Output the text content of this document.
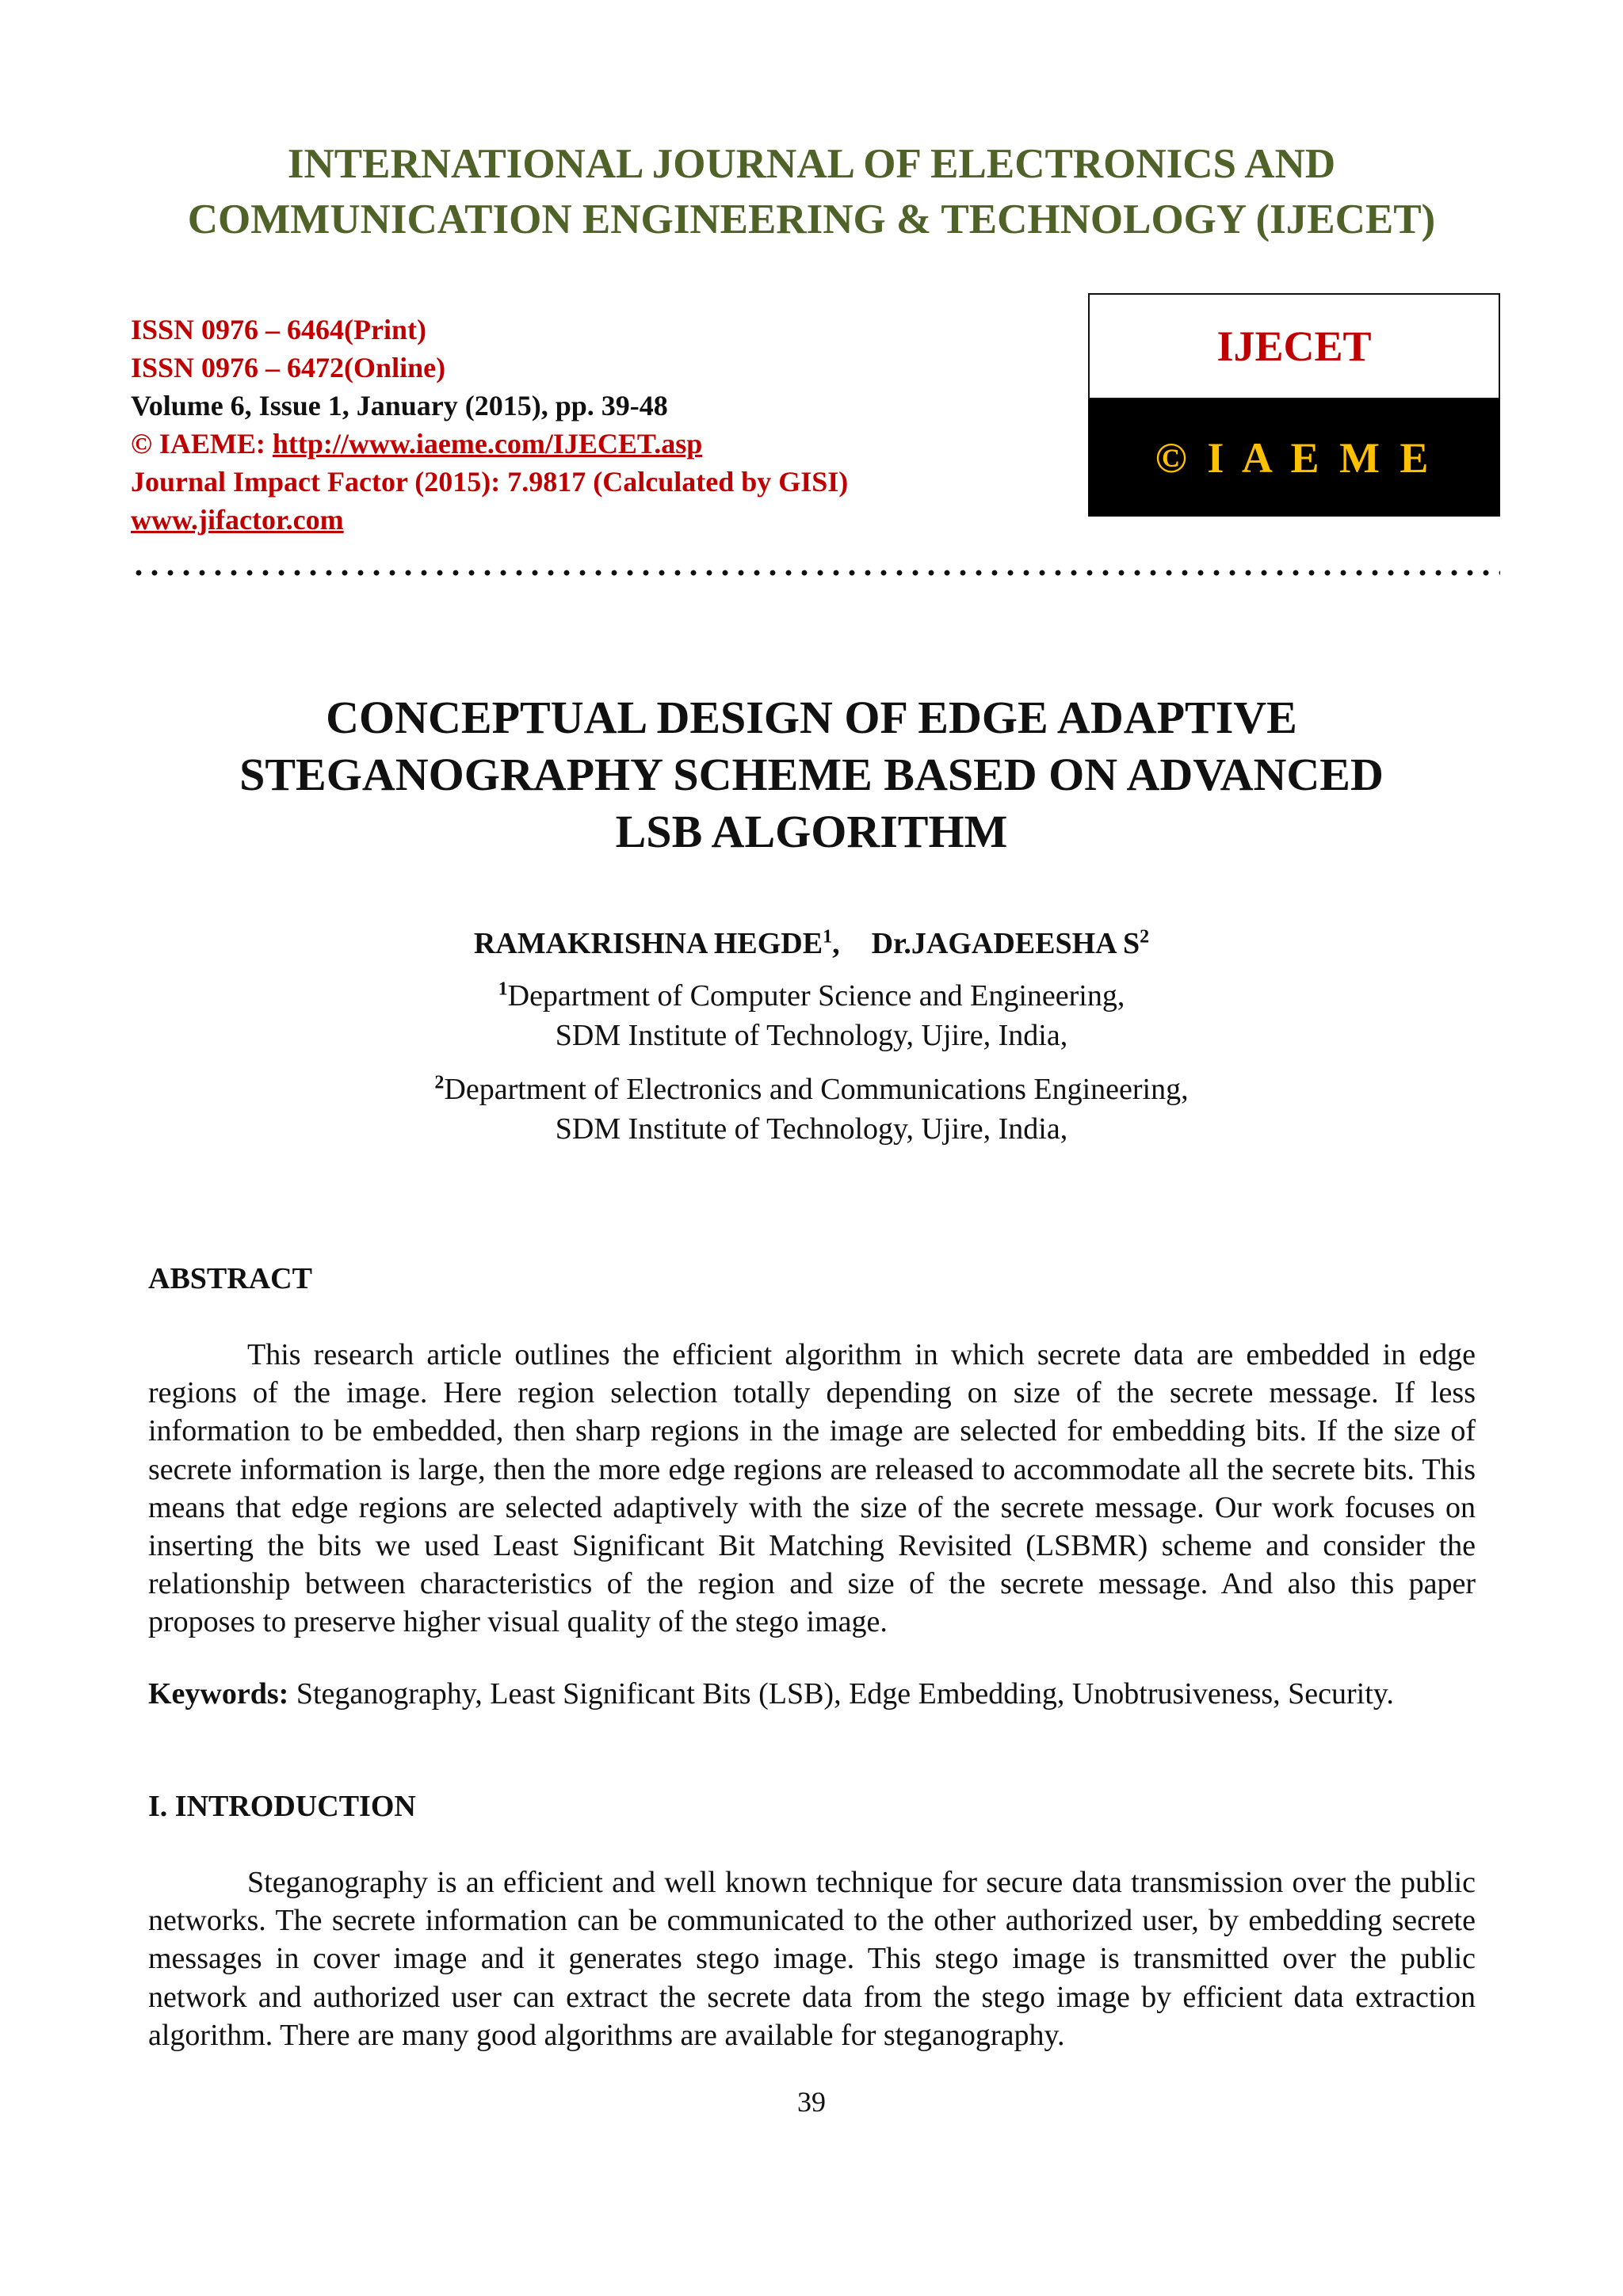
INTERNATIONAL JOURNAL OF ELECTRONICS AND
COMMUNICATION ENGINEERING & TECHNOLOGY (IJECET)
ISSN 0976 – 6464(Print)
ISSN 0976 – 6472(Online)
Volume 6, Issue 1, January (2015), pp. 39-48
© IAEME: http://www.iaeme.com/IJECET.asp
Journal Impact Factor (2015): 7.9817 (Calculated by GISI)
www.jifactor.com
IJECET
© I A E M E
CONCEPTUAL DESIGN OF EDGE ADAPTIVE
STEGANOGRAPHY SCHEME BASED ON ADVANCED
LSB ALGORITHM
RAMAKRISHNA HEGDE$^1$, Dr.JAGADEESHA $S^2$
$^1$Department of Computer Science and Engineering,
SDM Institute of Technology, Ujire, India,
$^2$Department of Electronics and Communications Engineering,
SDM Institute of Technology, Ujire, India,
ABSTRACT
This research article outlines the efficient algorithm in which secrete data are embedded in edge regions of the image. Here region selection totally depending on size of the secrete message. If less information to be embedded, then sharp regions in the image are selected for embedding bits. If the size of secrete information is large, then the more edge regions are released to accommodate all the secrete bits. This means that edge regions are selected adaptively with the size of the secrete message. Our work focuses on inserting the bits we used Least Significant Bit Matching Revisited (LSBMR) scheme and consider the relationship between characteristics of the region and size of the secrete message. And also this paper proposes to preserve higher visual quality of the stego image.
Keywords: Steganography, Least Significant Bits (LSB), Edge Embedding, Unobtrusiveness, Security.
I. INTRODUCTION
Steganography is an efficient and well known technique for secure data transmission over the public networks. The secrete information can be communicated to the other authorized user, by embedding secrete messages in cover image and it generates stego image. This stego image is transmitted over the public network and authorized user can extract the secrete data from the stego image by efficient data extraction algorithm. There are many good algorithms are available for steganography.
39
